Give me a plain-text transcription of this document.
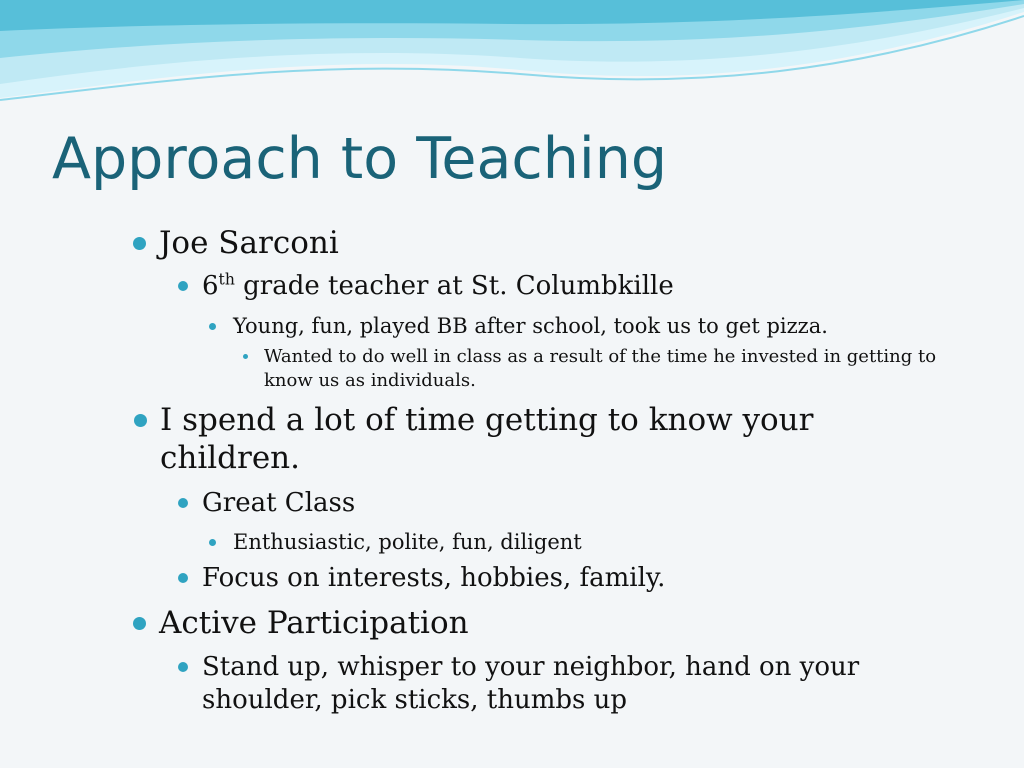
Approach to Teaching
Joe Sarconi
6th grade teacher at St. Columbkille
Young, fun, played BB after school, took us to get pizza.
Wanted to do well in class as a result of the time he invested in getting to know us as individuals.
I spend a lot of time getting to know your children.
Great Class
Enthusiastic, polite, fun, diligent
Focus on interests, hobbies, family.
Active Participation
Stand up, whisper to your neighbor, hand on your shoulder, pick sticks, thumbs up
